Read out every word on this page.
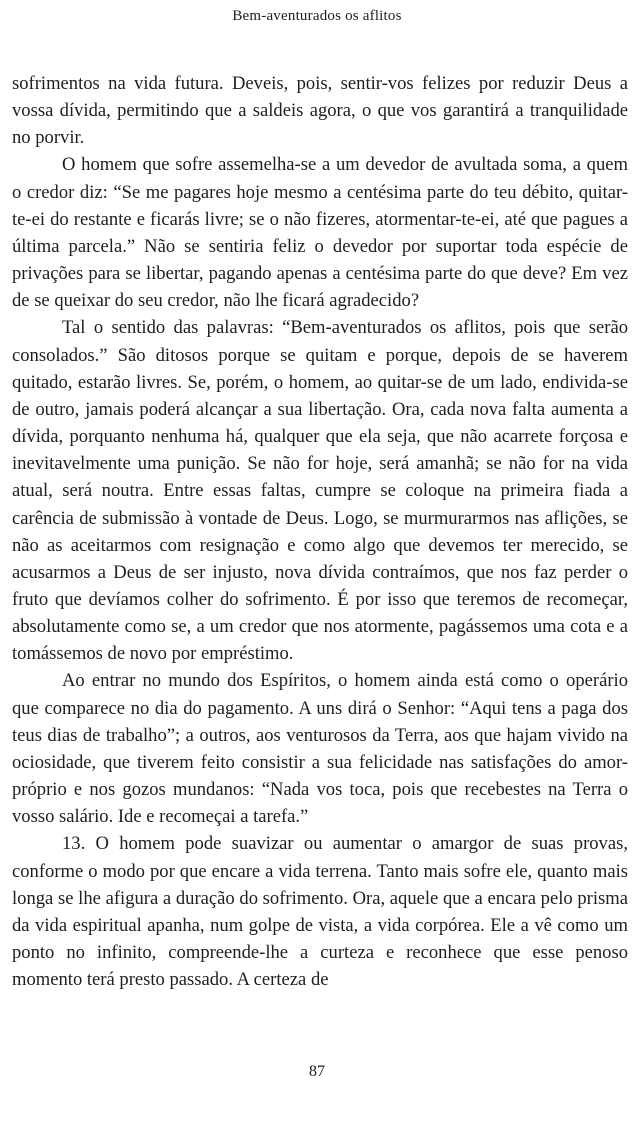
Bem-aventurados os aflitos

sofrimentos na vida futura. Deveis, pois, sentir-vos felizes por reduzir Deus a vossa dívida, permitindo que a saldeis agora, o que vos garantirá a tranquilidade no porvir.

O homem que sofre assemelha-se a um devedor de avultada soma, a quem o credor diz: “Se me pagares hoje mesmo a centésima parte do teu débito, quitar-te-ei do restante e ficarás livre; se o não fizeres, atormentar-te-ei, até que pagues a última parcela.” Não se sentiria feliz o devedor por suportar toda espécie de privações para se libertar, pagando apenas a centésima parte do que deve? Em vez de se queixar do seu credor, não lhe ficará agradecido?

Tal o sentido das palavras: “Bem-aventurados os aflitos, pois que serão consolados.” São ditosos porque se quitam e porque, depois de se haverem quitado, estarão livres. Se, porém, o homem, ao quitar-se de um lado, endivida-se de outro, jamais poderá alcançar a sua libertação. Ora, cada nova falta aumenta a dívida, porquanto nenhuma há, qualquer que ela seja, que não acarrete forçosa e inevitavelmente uma punição. Se não for hoje, será amanhã; se não for na vida atual, será noutra. Entre essas faltas, cumpre se coloque na primeira fiada a carência de submissão à vontade de Deus. Logo, se murmurarmos nas aflições, se não as aceitarmos com resignação e como algo que devemos ter merecido, se acusarmos a Deus de ser injusto, nova dívida contraímos, que nos faz perder o fruto que devíamos colher do sofrimento. É por isso que teremos de recomeçar, absolutamente como se, a um credor que nos atormente, pagássemos uma cota e a tomássemos de novo por empréstimo.

Ao entrar no mundo dos Espíritos, o homem ainda está como o operário que comparece no dia do pagamento. A uns dirá o Senhor: “Aqui tens a paga dos teus dias de trabalho”; a outros, aos venturosos da Terra, aos que hajam vivido na ociosidade, que tiverem feito consistir a sua felicidade nas satisfações do amor-próprio e nos gozos mundanos: “Nada vos toca, pois que recebestes na Terra o vosso salário. Ide e recomeçai a tarefa.”

13. O homem pode suavizar ou aumentar o amargor de suas provas, conforme o modo por que encare a vida terrena. Tanto mais sofre ele, quanto mais longa se lhe afigura a duração do sofrimento. Ora, aquele que a encara pelo prisma da vida espiritual apanha, num golpe de vista, a vida corpórea. Ele a vê como um ponto no infinito, compreende-lhe a curteza e reconhece que esse penoso momento terá presto passado. A certeza de

87
